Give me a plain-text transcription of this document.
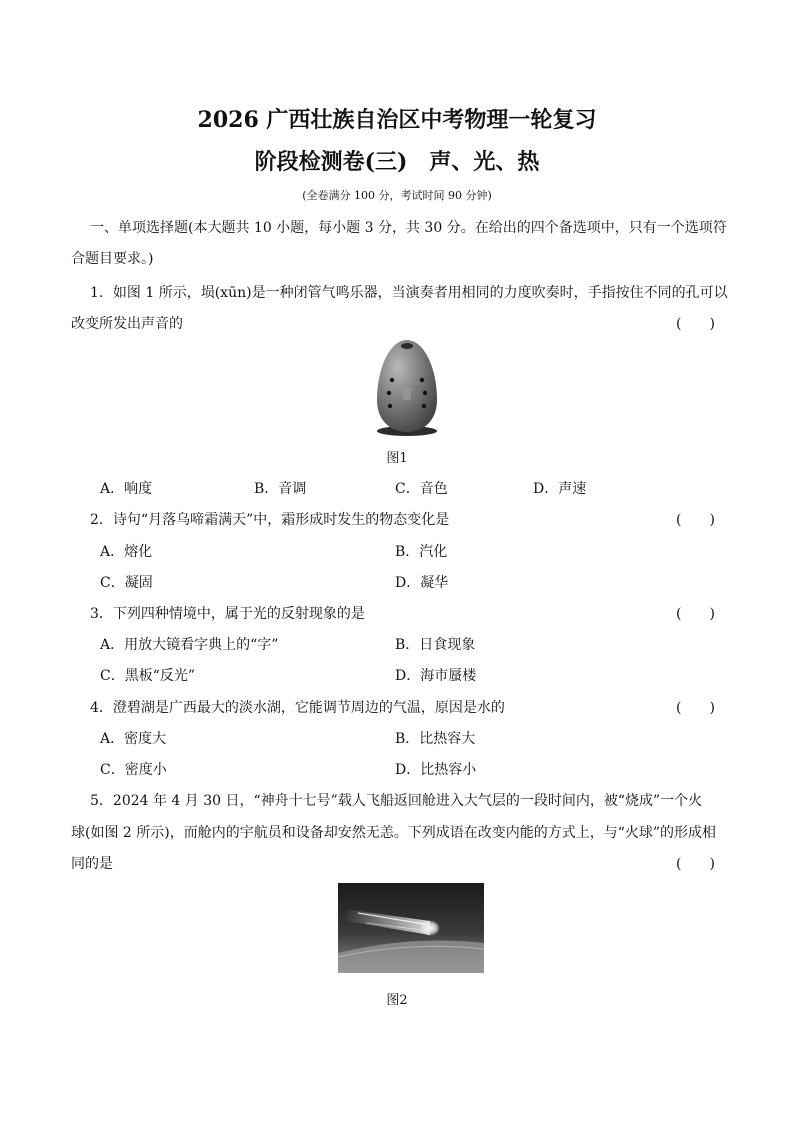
2026 广西壮族自治区中考物理一轮复习
阶段检测卷(三)　声、光、热
(全卷满分 100 分，考试时间 90 分钟)
一、单项选择题(本大题共 10 小题，每小题 3 分，共 30 分。在给出的四个备选项中，只有一个选项符
合题目要求。)
1．如图 1 所示，埙(xūn)是一种闭管气鸣乐器，当演奏者用相同的力度吹奏时，手指按住不同的孔可以
改变所发出声音的	(　　)
图1
A．响度	B．音调	C．音色	D．声速
2．诗句“月落乌啼霜满天”中，霜形成时发生的物态变化是	(　　)
A．熔化	B．汽化
C．凝固	D．凝华
3．下列四种情境中，属于光的反射现象的是	(　　)
A．用放大镜看字典上的“字”	B．日食现象
C．黑板“反光”	D．海市蜃楼
4．澄碧湖是广西最大的淡水湖，它能调节周边的气温，原因是水的	(　　)
A．密度大	B．比热容大
C．密度小	D．比热容小
5．2024 年 4 月 30 日，“神舟十七号”载人飞船返回舱进入大气层的一段时间内，被“烧成”一个火
球(如图 2 所示)，而舱内的宇航员和设备却安然无恙。下列成语在改变内能的方式上，与“火球”的形成相
同的是	(　　)
图2
